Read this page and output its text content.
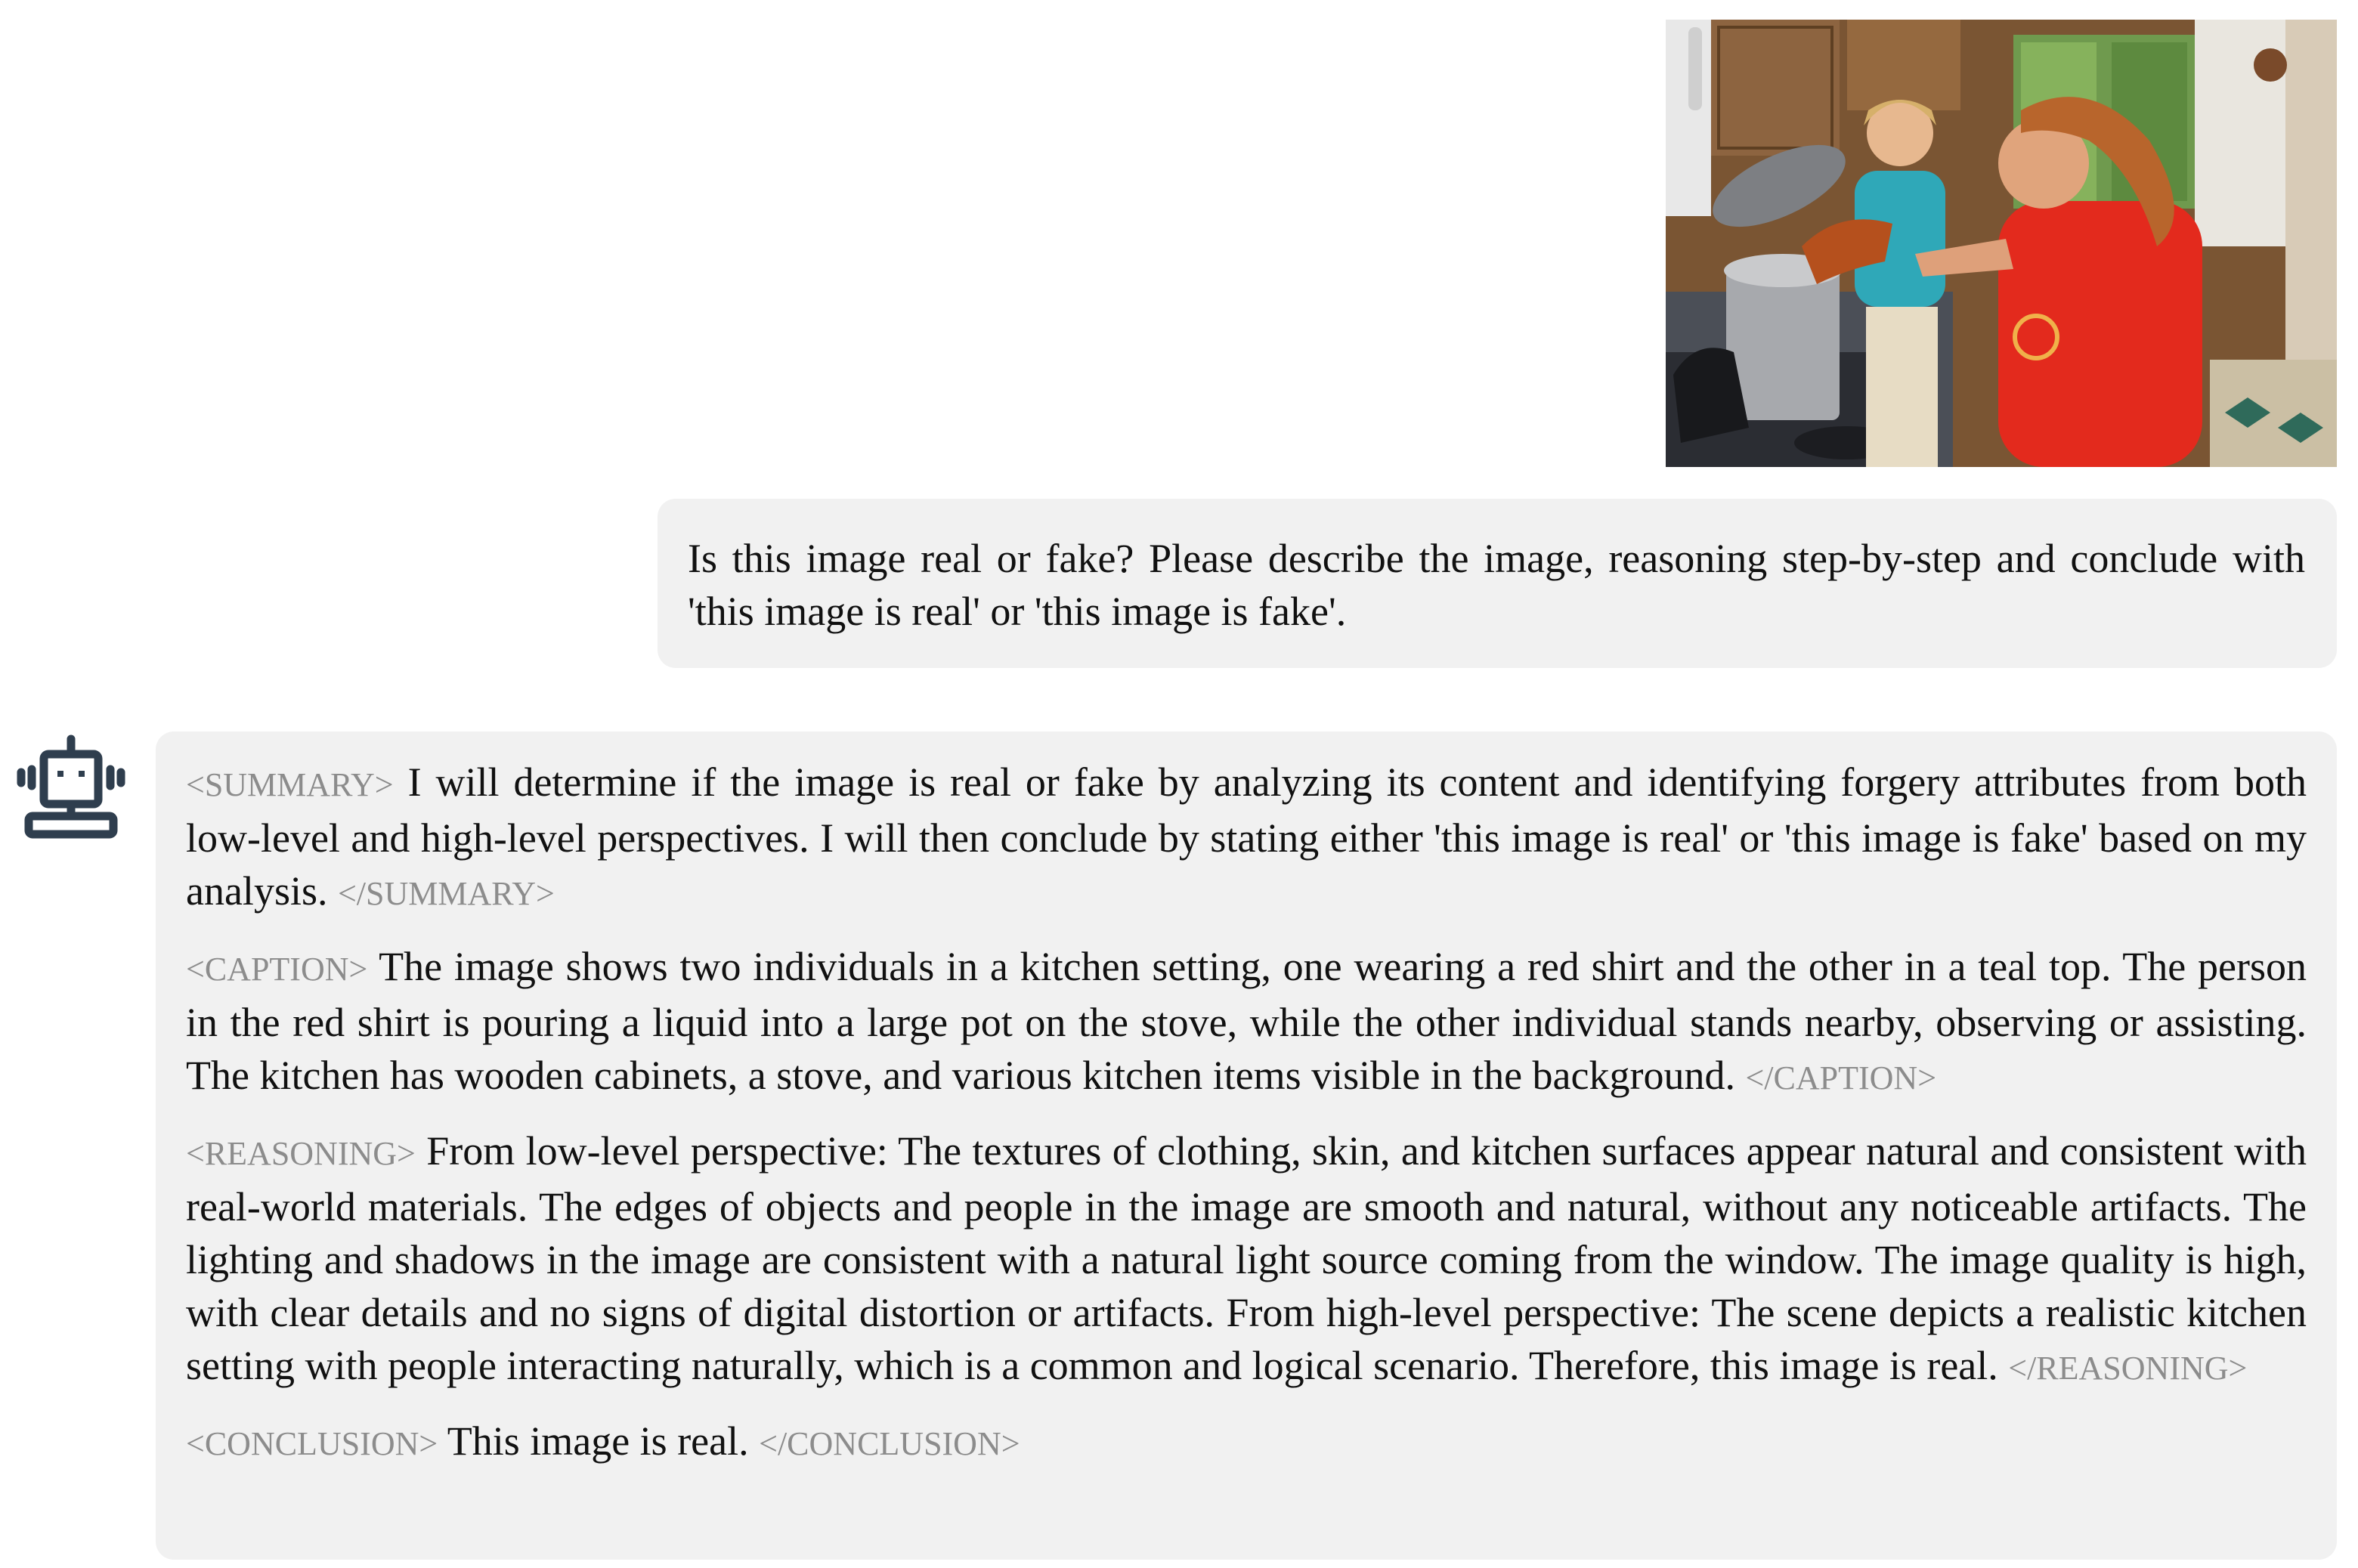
Is this image real or fake? Please describe the image, reasoning step-by-step and conclude with 'this image is real' or 'this image is fake'.

<SUMMARY> I will determine if the image is real or fake by analyzing its content and identifying forgery attributes from both low-level and high-level perspectives. I will then conclude by stating either 'this image is real' or 'this image is fake' based on my analysis. </SUMMARY>

<CAPTION> The image shows two individuals in a kitchen setting, one wearing a red shirt and the other in a teal top. The person in the red shirt is pouring a liquid into a large pot on the stove, while the other individual stands nearby, observing or assisting. The kitchen has wooden cabinets, a stove, and various kitchen items visible in the background. </CAPTION>

<REASONING> From low-level perspective: The textures of clothing, skin, and kitchen surfaces appear natural and consistent with real-world materials. The edges of objects and people in the image are smooth and natural, without any noticeable artifacts. The lighting and shadows in the image are consistent with a natural light source coming from the window. The image quality is high, with clear details and no signs of digital distortion or artifacts. From high-level perspective: The scene depicts a realistic kitchen setting with people interacting naturally, which is a common and logical scenario. Therefore, this image is real. </REASONING>

<CONCLUSION> This image is real. </CONCLUSION>
